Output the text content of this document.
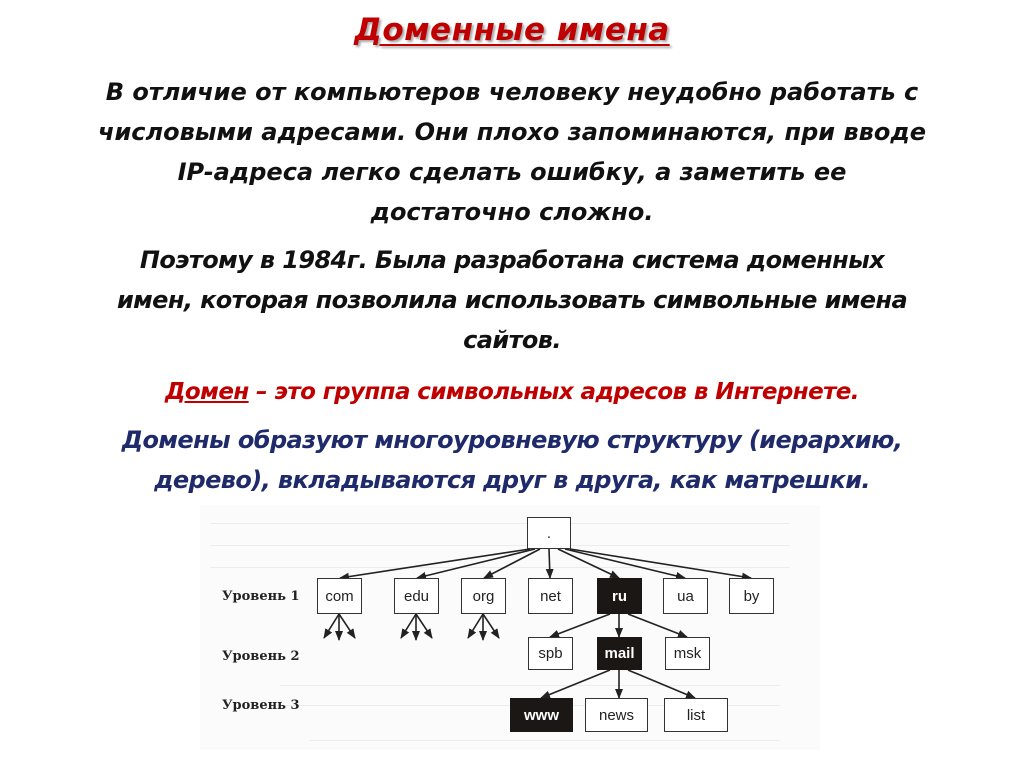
Доменные имена
В отличие от компьютеров человеку неудобно работать с
числовыми адресами. Они плохо запоминаются, при вводе
IP-адреса легко сделать ошибку, а заметить ее
достаточно сложно.
Поэтому в 1984г. Была разработана система доменных
имен, которая позволила использовать символьные имена
сайтов.
Домен – это группа символьных адресов в Интернете.
Домены образуют многоуровневую структуру (иерархию,
дерево), вкладываются друг в друга, как матрешки.
Уровень 1
Уровень 2
Уровень 3
.
com	edu	org	net	ru	ua	by
spb	mail	msk
www	news	list
